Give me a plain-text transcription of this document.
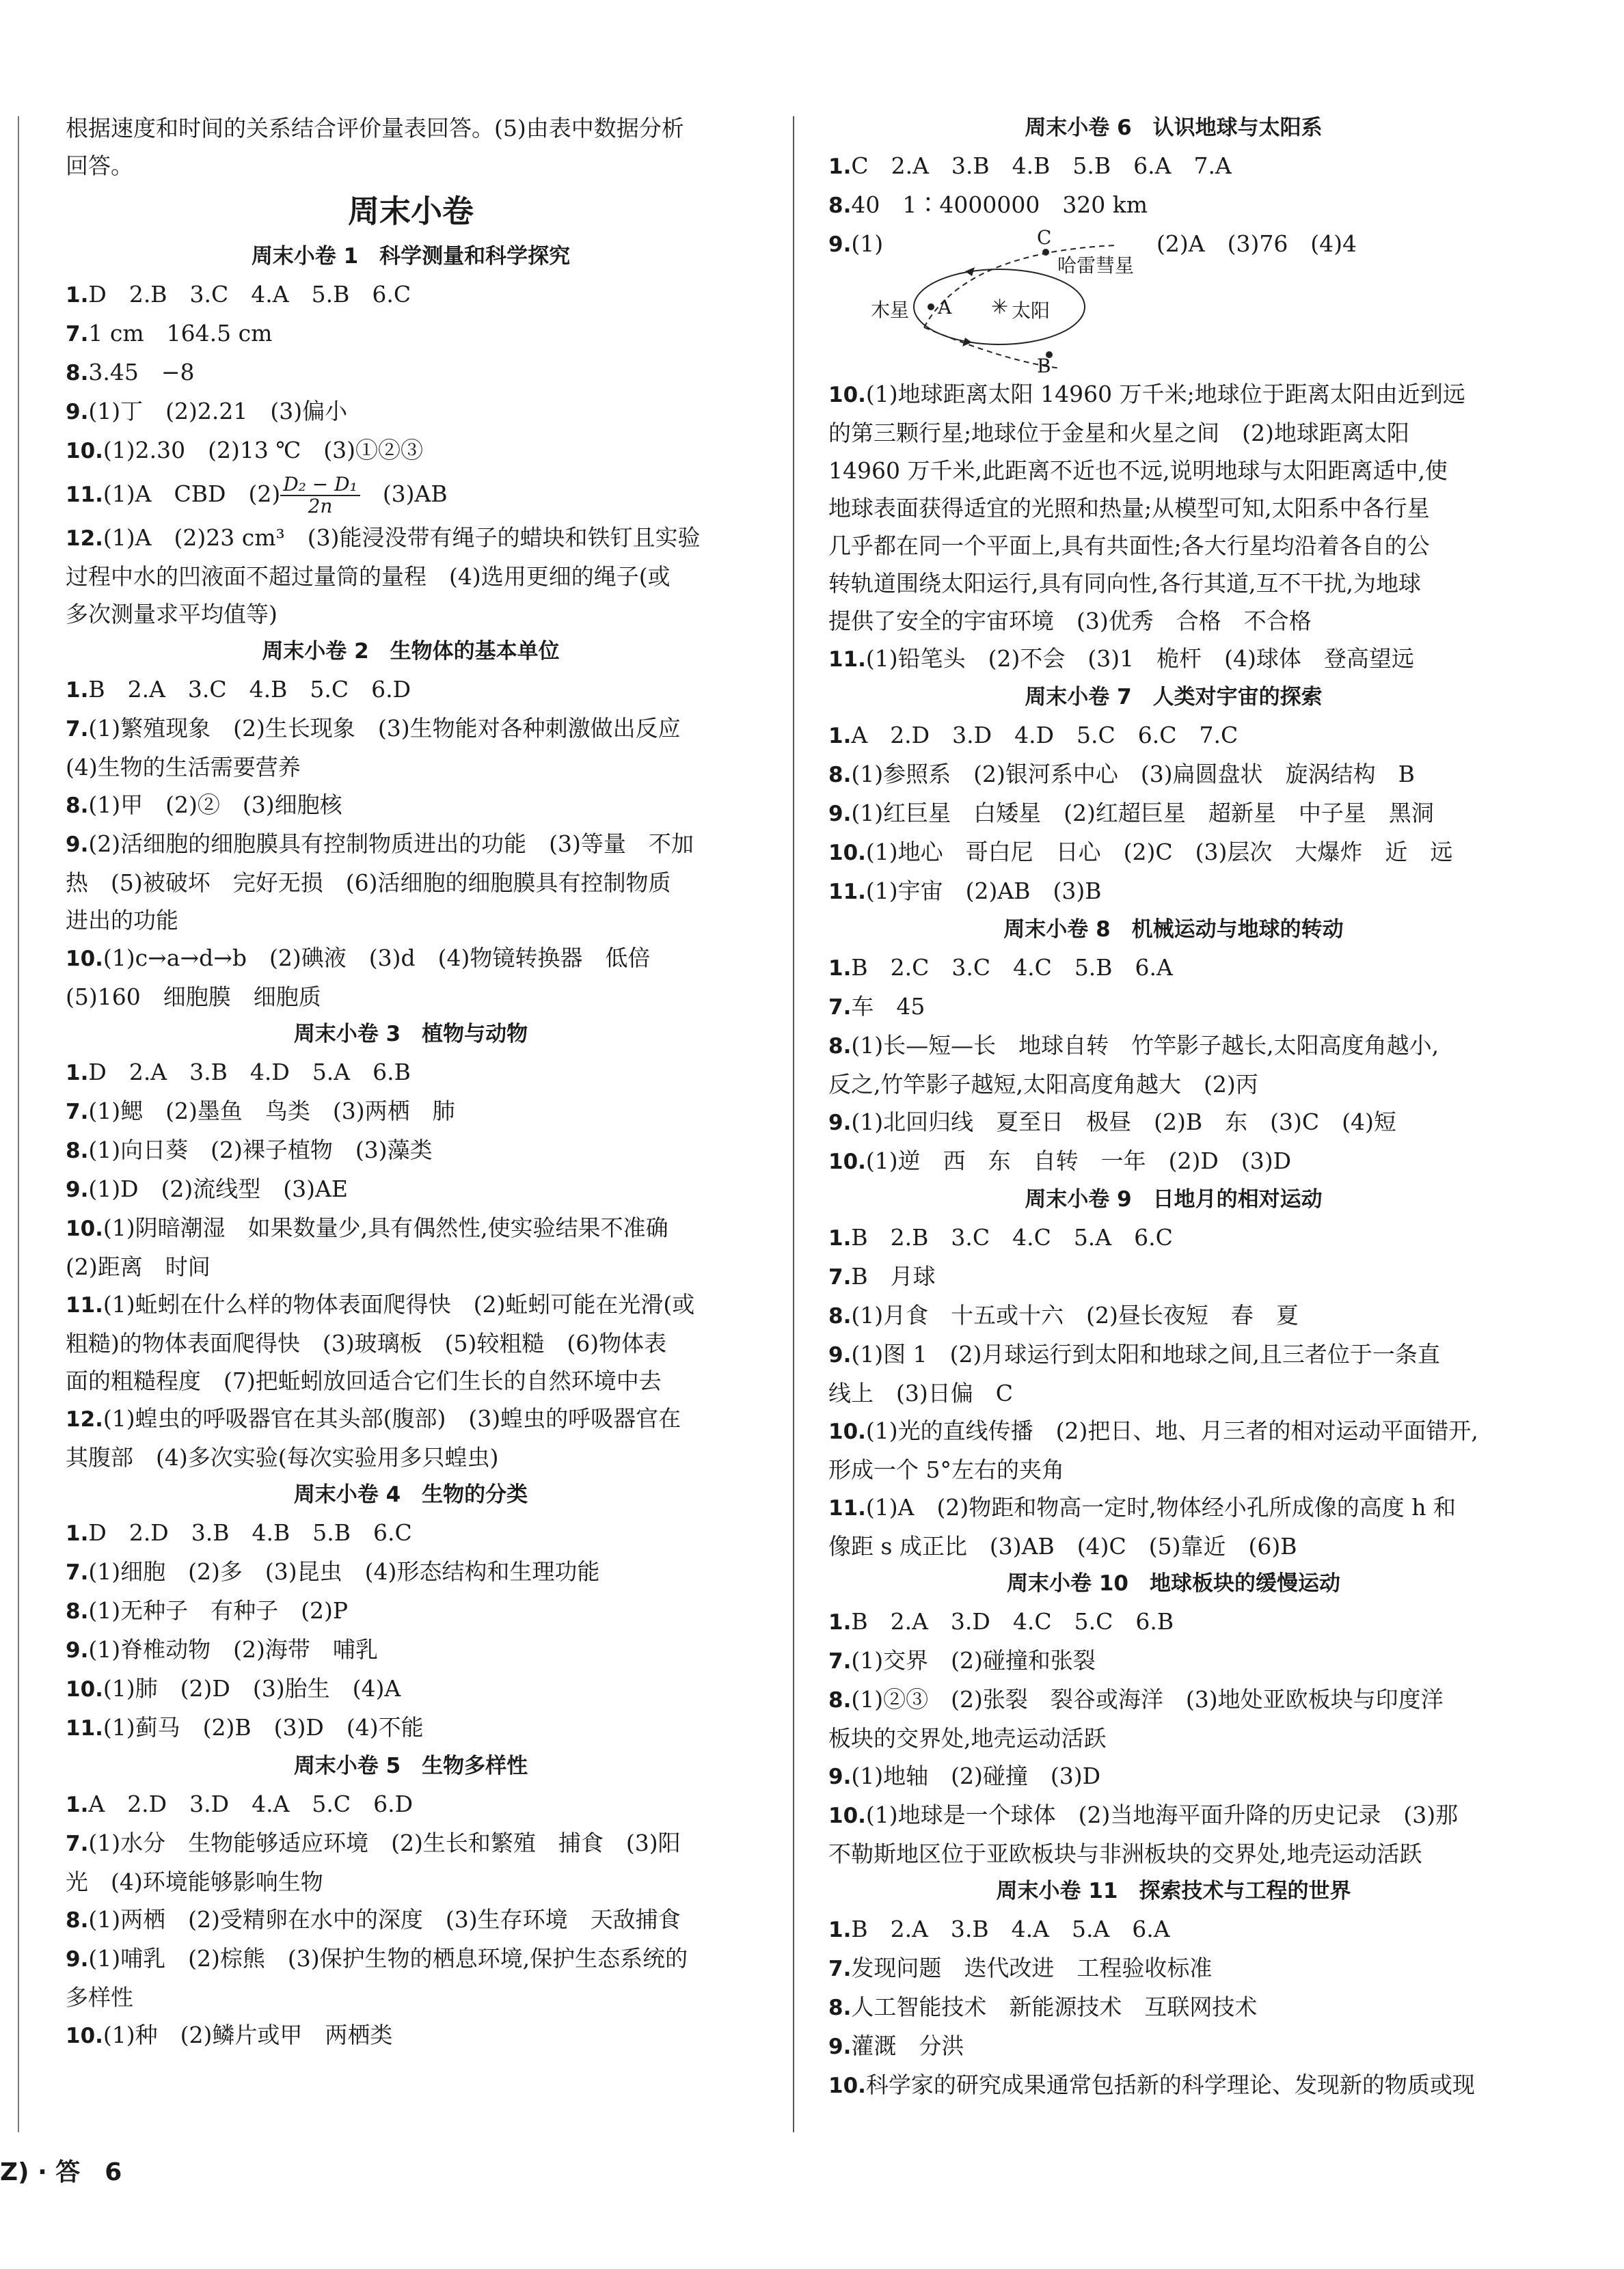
根据速度和时间的关系结合评价量表回答。(5)由表中数据分析
回答。
周末小卷
周末小卷 1　科学测量和科学探究
1.D　2.B　3.C　4.A　5.B　6.C
7.1 cm　164.5 cm
8.3.45　−8
9.(1)丁　(2)2.21　(3)偏小
10.(1)2.30　(2)13 ℃　(3)①②③
11.(1)A　CBD　$(2) \frac{\text{D₂ − D₁}}{2n}$ 　(3)AB
12.(1)A　(2)23 cm³　(3)能浸没带有绳子的蜡块和铁钉且实验
过程中水的凹液面不超过量筒的量程　(4)选用更细的绳子(或
多次测量求平均值等)
周末小卷 2　生物体的基本单位
1.B　2.A　3.C　4.B　5.C　6.D
7.(1)繁殖现象　(2)生长现象　(3)生物能对各种刺激做出反应
(4)生物的生活需要营养
8.(1)甲　(2)②　(3)细胞核
9.(2)活细胞的细胞膜具有控制物质进出的功能　(3)等量　不加
热　(5)被破坏　完好无损　(6)活细胞的细胞膜具有控制物质
进出的功能
10.(1)c→a→d→b　(2)碘液　(3)d　(4)物镜转换器　低倍
(5)160　细胞膜　细胞质
周末小卷 3　植物与动物
1.D　2.A　3.B　4.D　5.A　6.B
7.(1)鳃　(2)墨鱼　鸟类　(3)两栖　肺
8.(1)向日葵　(2)裸子植物　(3)藻类
9.(1)D　(2)流线型　(3)AE
10.(1)阴暗潮湿　如果数量少,具有偶然性,使实验结果不准确
(2)距离　时间
11.(1)蚯蚓在什么样的物体表面爬得快　(2)蚯蚓可能在光滑(或
粗糙)的物体表面爬得快　(3)玻璃板　(5)较粗糙　(6)物体表
面的粗糙程度　(7)把蚯蚓放回适合它们生长的自然环境中去
12.(1)蝗虫的呼吸器官在其头部(腹部)　(3)蝗虫的呼吸器官在
其腹部　(4)多次实验(每次实验用多只蝗虫)
周末小卷 4　生物的分类
1.D　2.D　3.B　4.B　5.B　6.C
7.(1)细胞　(2)多　(3)昆虫　(4)形态结构和生理功能
8.(1)无种子　有种子　(2)P
9.(1)脊椎动物　(2)海带　哺乳
10.(1)肺　(2)D　(3)胎生　(4)A
11.(1)蓟马　(2)B　(3)D　(4)不能
周末小卷 5　生物多样性
1.A　2.D　3.D　4.A　5.C　6.D
7.(1)水分　生物能够适应环境　(2)生长和繁殖　捕食　(3)阳
光　(4)环境能够影响生物
8.(1)两栖　(2)受精卵在水中的深度　(3)生存环境　天敌捕食
9.(1)哺乳　(2)棕熊　(3)保护生物的栖息环境,保护生态系统的
多样性
10.(1)种　(2)鳞片或甲　两栖类
周末小卷 6　认识地球与太阳系
1.C　2.A　3.B　4.B　5.B　6.A　7.A
8.40　1∶4000000　320 km
9.(1)	(2)A　(3)76　(4)4
✳
C
哈雷彗星
木星 A	太阳
B
10.(1)地球距离太阳 14960 万千米;地球位于距离太阳由近到远
的第三颗行星;地球位于金星和火星之间　(2)地球距离太阳
14960 万千米,此距离不近也不远,说明地球与太阳距离适中,使
地球表面获得适宜的光照和热量;从模型可知,太阳系中各行星
几乎都在同一个平面上,具有共面性;各大行星均沿着各自的公
转轨道围绕太阳运行,具有同向性,各行其道,互不干扰,为地球
提供了安全的宇宙环境　(3)优秀　合格　不合格
11.(1)铅笔头　(2)不会　(3)1　桅杆　(4)球体　登高望远
周末小卷 7　人类对宇宙的探索
1.A　2.D　3.D　4.D　5.C　6.C　7.C
8.(1)参照系　(2)银河系中心　(3)扁圆盘状　旋涡结构　B
9.(1)红巨星　白矮星　(2)红超巨星　超新星　中子星　黑洞
10.(1)地心　哥白尼　日心　(2)C　(3)层次　大爆炸　近　远
11.(1)宇宙　(2)AB　(3)B
周末小卷 8　机械运动与地球的转动
1.B　2.C　3.C　4.C　5.B　6.A
7.车　45
8.(1)长—短—长　地球自转　竹竿影子越长,太阳高度角越小,
反之,竹竿影子越短,太阳高度角越大　(2)丙
9.(1)北回归线　夏至日　极昼　(2)B　东　(3)C　(4)短
10.(1)逆　西　东　自转　一年　(2)D　(3)D
周末小卷 9　日地月的相对运动
1.B　2.B　3.C　4.C　5.A　6.C
7.B　月球
8.(1)月食　十五或十六　(2)昼长夜短　春　夏
9.(1)图 1　(2)月球运行到太阳和地球之间,且三者位于一条直
线上　(3)日偏　C
10.(1)光的直线传播　(2)把日、地、月三者的相对运动平面错开,
形成一个 5°左右的夹角
11.(1)A　(2)物距和物高一定时,物体经小孔所成像的高度 h 和
像距 s 成正比　(3)AB　(4)C　(5)靠近　(6)B
周末小卷 10　地球板块的缓慢运动
1.B　2.A　3.D　4.C　5.C　6.B
7.(1)交界　(2)碰撞和张裂
8.(1)②③　(2)张裂　裂谷或海洋　(3)地处亚欧板块与印度洋
板块的交界处,地壳运动活跃
9.(1)地轴　(2)碰撞　(3)D
10.(1)地球是一个球体　(2)当地海平面升降的历史记录　(3)那
不勒斯地区位于亚欧板块与非洲板块的交界处,地壳运动活跃
周末小卷 11　探索技术与工程的世界
1.B　2.A　3.B　4.A　5.A　6.A
7.发现问题　迭代改进　工程验收标准
8.人工智能技术　新能源技术　互联网技术
9.灌溉　分洪
10.科学家的研究成果通常包括新的科学理论、发现新的物质或现
Z) · 答　6
